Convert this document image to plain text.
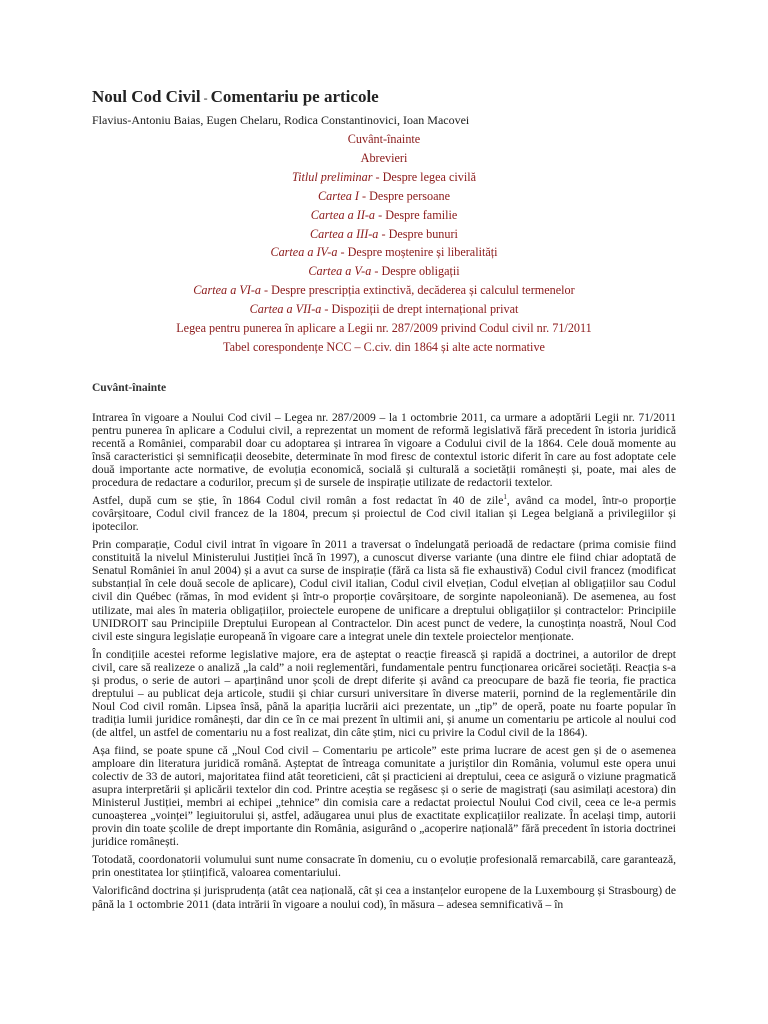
Noul Cod Civil - Comentariu pe articole
Flavius-Antoniu Baias, Eugen Chelaru, Rodica Constantinovici, Ioan Macovei
Cuvânt-înainte
Abrevieri
Titlul preliminar - Despre legea civilă
Cartea I - Despre persoane
Cartea a II-a - Despre familie
Cartea a III-a - Despre bunuri
Cartea a IV-a - Despre moștenire și liberalități
Cartea a V-a - Despre obligații
Cartea a VI-a - Despre prescripția extinctivă, decăderea și calculul termenelor
Cartea a VII-a - Dispoziții de drept internațional privat
Legea pentru punerea în aplicare a Legii nr. 287/2009 privind Codul civil nr. 71/2011
Tabel corespondențe NCC – C.civ. din 1864 și alte acte normative
Cuvânt-înainte

Intrarea în vigoare a Noului Cod civil – Legea nr. 287/2009 – la 1 octombrie 2011, ca urmare a adoptării Legii nr. 71/2011 pentru punerea în aplicare a Codului civil, a reprezentat un moment de reformă legislativă fără precedent în istoria juridică recentă a României, comparabil doar cu adoptarea și intrarea în vigoare a Codului civil de la 1864. Cele două momente au însă caracteristici și semnificații deosebite, determinate în mod firesc de contextul istoric diferit în care au fost adoptate cele două importante acte normative, de evoluția economică, socială și culturală a societății românești și, poate, mai ales de procedura de redactare a codurilor, precum și de sursele de inspirație utilizate de redactorii textelor.

Astfel, după cum se știe, în 1864 Codul civil român a fost redactat în 40 de zile$^1$, având ca model, într-o proporție covârșitoare, Codul civil francez de la 1804, precum și proiectul de Cod civil italian și Legea belgiană a privilegiilor și ipotecilor.

Prin comparație, Codul civil intrat în vigoare în 2011 a traversat o îndelungată perioadă de redactare (prima comisie fiind constituită la nivelul Ministerului Justiției încă în 1997), a cunoscut diverse variante (una dintre ele fiind chiar adoptată de Senatul României în anul 2004) și a avut ca surse de inspirație (fără ca lista să fie exhaustivă) Codul civil francez (modificat substanțial în cele două secole de aplicare), Codul civil italian, Codul civil elvețian, Codul elvețian al obligațiilor sau Codul civil din Québec (rămas, în mod evident și într-o proporție covârșitoare, de sorginte napoleoniană). De asemenea, au fost utilizate, mai ales în materia obligațiilor, proiectele europene de unificare a dreptului obligațiilor și contractelor: Principiile UNIDROIT sau Principiile Dreptului European al Contractelor. Din acest punct de vedere, la cunoștința noastră, Noul Cod civil este singura legislație europeană în vigoare care a integrat unele din textele proiectelor menționate.

În condițiile acestei reforme legislative majore, era de așteptat o reacție firească și rapidă a doctrinei, a autorilor de drept civil, care să realizeze o analiză „la cald” a noii reglementări, fundamentale pentru funcționarea oricărei societăți. Reacția s-a și produs, o serie de autori – aparținând unor școli de drept diferite și având ca preocupare de bază fie teoria, fie practica dreptului – au publicat deja articole, studii și chiar cursuri universitare în diverse materii, pornind de la reglementările din Noul Cod civil român. Lipsea însă, până la apariția lucrării aici prezentate, un „tip” de operă, poate nu foarte popular în tradiția lumii juridice românești, dar din ce în ce mai prezent în ultimii ani, și anume un comentariu pe articole al noului cod (de altfel, un astfel de comentariu nu a fost realizat, din câte știm, nici cu privire la Codul civil de la 1864).

Așa fiind, se poate spune că „Noul Cod civil – Comentariu pe articole” este prima lucrare de acest gen și de o asemenea amploare din literatura juridică română. Așteptat de întreaga comunitate a juriștilor din România, volumul este opera unui colectiv de 33 de autori, majoritatea fiind atât teoreticieni, cât și practicieni ai dreptului, ceea ce asigură o viziune pragmatică asupra interpretării și aplicării textelor din cod. Printre aceștia se regăsesc și o serie de magistrați (sau asimilați acestora) din Ministerul Justiției, membri ai echipei „tehnice” din comisia care a redactat proiectul Noului Cod civil, ceea ce le-a permis cunoașterea „voinței” legiuitorului și, astfel, adăugarea unui plus de exactitate explicațiilor realizate. În același timp, autorii provin din toate școlile de drept importante din România, asigurând o „acoperire națională” fără precedent în istoria doctrinei juridice românești.

Totodată, coordonatorii volumului sunt nume consacrate în domeniu, cu o evoluție profesională remarcabilă, care garantează, prin onestitatea lor științifică, valoarea comentariului.

Valorificând doctrina și jurisprudența (atât cea națională, cât și cea a instanțelor europene de la Luxembourg și Strasbourg) de până la 1 octombrie 2011 (data intrării în vigoare a noului cod), în măsura – adesea semnificativă – în
